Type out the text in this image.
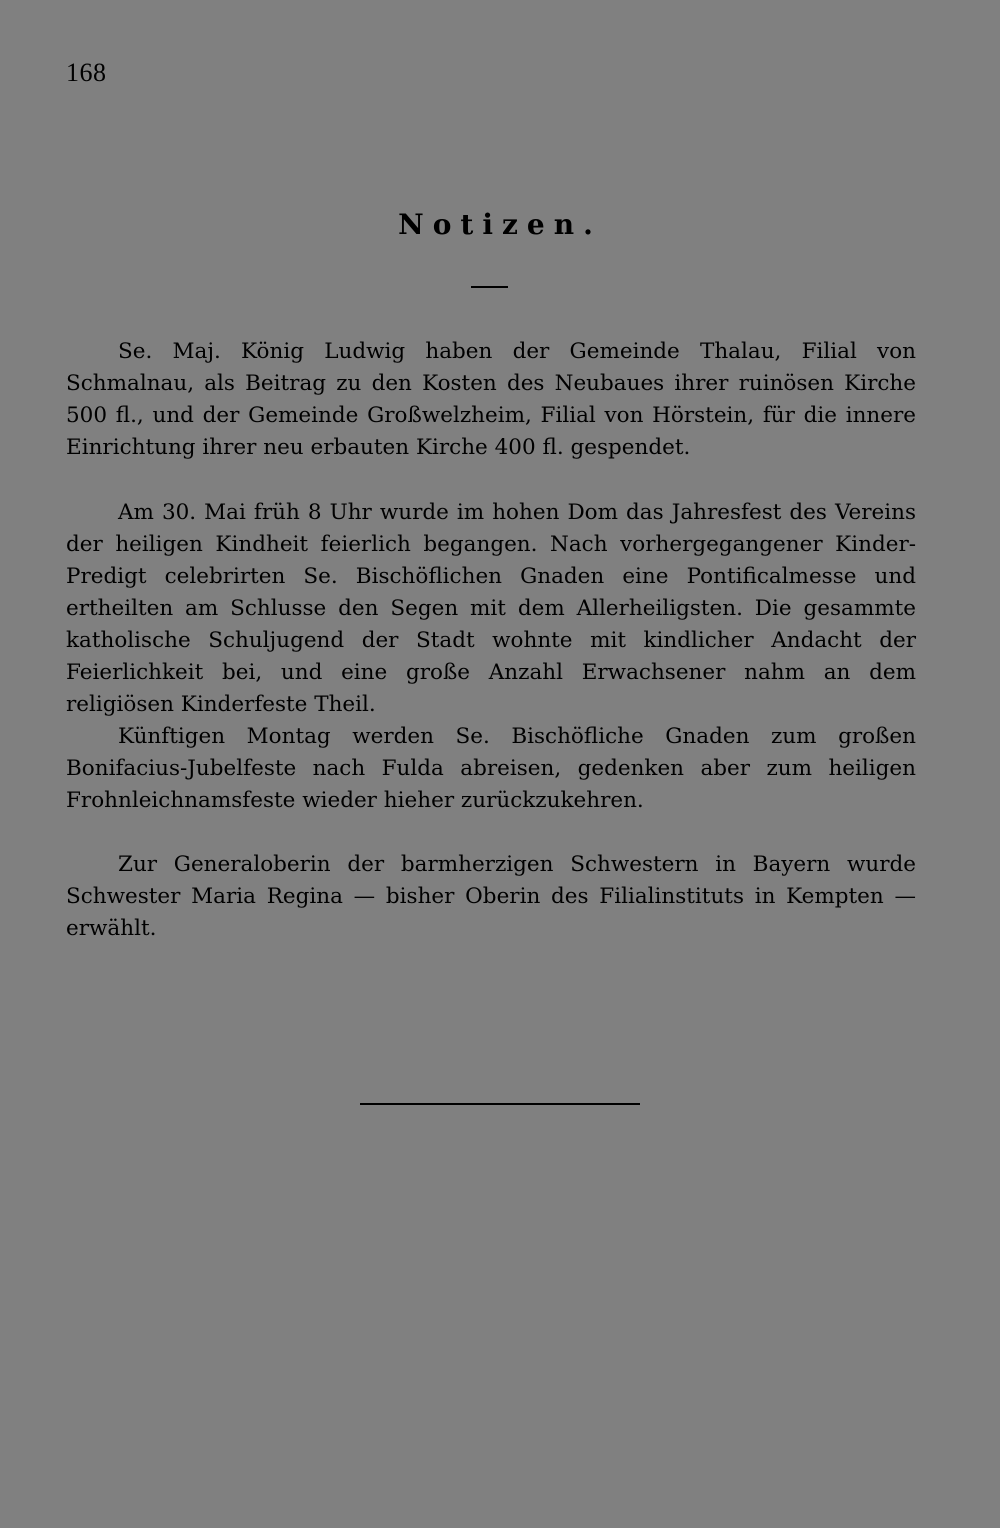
168
Notizen.

Se. Maj. König Ludwig haben der Gemeinde Thalau, Filial von Schmalnau, als Beitrag zu den Kosten des Neubaues ihrer ruinösen Kirche 500 fl., und der Gemeinde Großwelzheim, Filial von Hörstein, für die innere Einrichtung ihrer neu erbauten Kirche 400 fl. gespendet.

Am 30. Mai früh 8 Uhr wurde im hohen Dom das Jahresfest des Vereins der heiligen Kindheit feierlich begangen. Nach vorhergegangener Kinder-Predigt celebrirten Se. Bischöflichen Gnaden eine Pontificalmesse und ertheilten am Schlusse den Segen mit dem Allerheiligsten. Die gesammte katholische Schuljugend der Stadt wohnte mit kindlicher Andacht der Feierlichkeit bei, und eine große Anzahl Erwachsener nahm an dem religiösen Kinderfeste Theil.

Künftigen Montag werden Se. Bischöfliche Gnaden zum großen Bonifacius-Jubelfeste nach Fulda abreisen, gedenken aber zum heiligen Frohnleichnamsfeste wieder hieher zurückzukehren.

Zur Generaloberin der barmherzigen Schwestern in Bayern wurde Schwester Maria Regina — bisher Oberin des Filialinstituts in Kempten — erwählt.
